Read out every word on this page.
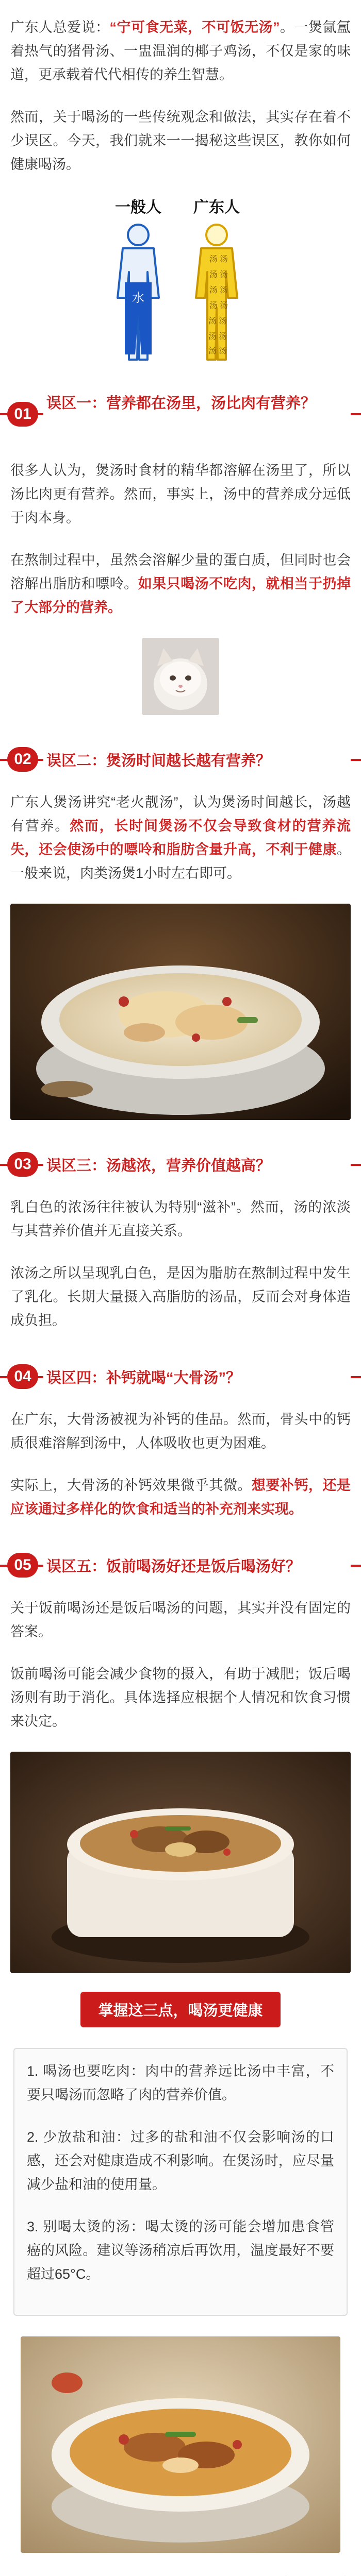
广东人总爱说：“宁可食无菜，不可饭无汤”。一煲氤氲着热气的猪骨汤、一盅温润的椰子鸡汤，不仅是家的味道，更承载着代代相传的养生智慧。

然而，关于喝汤的一些传统观念和做法，其实存在着不少误区。今天，我们就来一一揭秘这些误区，教你如何健康喝汤。

一般人 广东人
水
汤 汤
汤 汤
汤 汤
汤 汤
汤 汤
汤 汤
汤 汤
01
误区一：营养都在汤里，汤比肉有营养？

很多人认为，煲汤时食材的精华都溶解在汤里了，所以汤比肉更有营养。然而，事实上，汤中的营养成分远低于肉本身。

在熬制过程中，虽然会溶解少量的蛋白质，但同时也会溶解出脂肪和嘌呤。如果只喝汤不吃肉，就相当于扔掉了大部分的营养。

02	误区二：煲汤时间越长越有营养？

广东人煲汤讲究“老火靓汤”，认为煲汤时间越长，汤越有营养。然而，长时间煲汤不仅会导致食材的营养流失，还会使汤中的嘌呤和脂肪含量升高，不利于健康。一般来说，肉类汤煲1小时左右即可。

03	误区三：汤越浓，营养价值越高？

乳白色的浓汤往往被认为特别“滋补”。然而，汤的浓淡与其营养价值并无直接关系。

浓汤之所以呈现乳白色，是因为脂肪在熬制过程中发生了乳化。长期大量摄入高脂肪的汤品，反而会对身体造成负担。

04	误区四：补钙就喝“大骨汤”？

在广东，大骨汤被视为补钙的佳品。然而，骨头中的钙质很难溶解到汤中，人体吸收也更为困难。

实际上，大骨汤的补钙效果微乎其微。想要补钙，还是应该通过多样化的饮食和适当的补充剂来实现。

05	误区五：饭前喝汤好还是饭后喝汤好？

关于饭前喝汤还是饭后喝汤的问题，其实并没有固定的答案。

饭前喝汤可能会减少食物的摄入，有助于减肥；饭后喝汤则有助于消化。具体选择应根据个人情况和饮食习惯来决定。

掌握这三点，喝汤更健康

1. 喝汤也要吃肉：肉中的营养远比汤中丰富，不要只喝汤而忽略了肉的营养价值。

2. 少放盐和油：过多的盐和油不仅会影响汤的口感，还会对健康造成不利影响。在煲汤时，应尽量减少盐和油的使用量。

3. 别喝太烫的汤：喝太烫的汤可能会增加患食管癌的风险。建议等汤稍凉后再饮用，温度最好不要超过65°C。
